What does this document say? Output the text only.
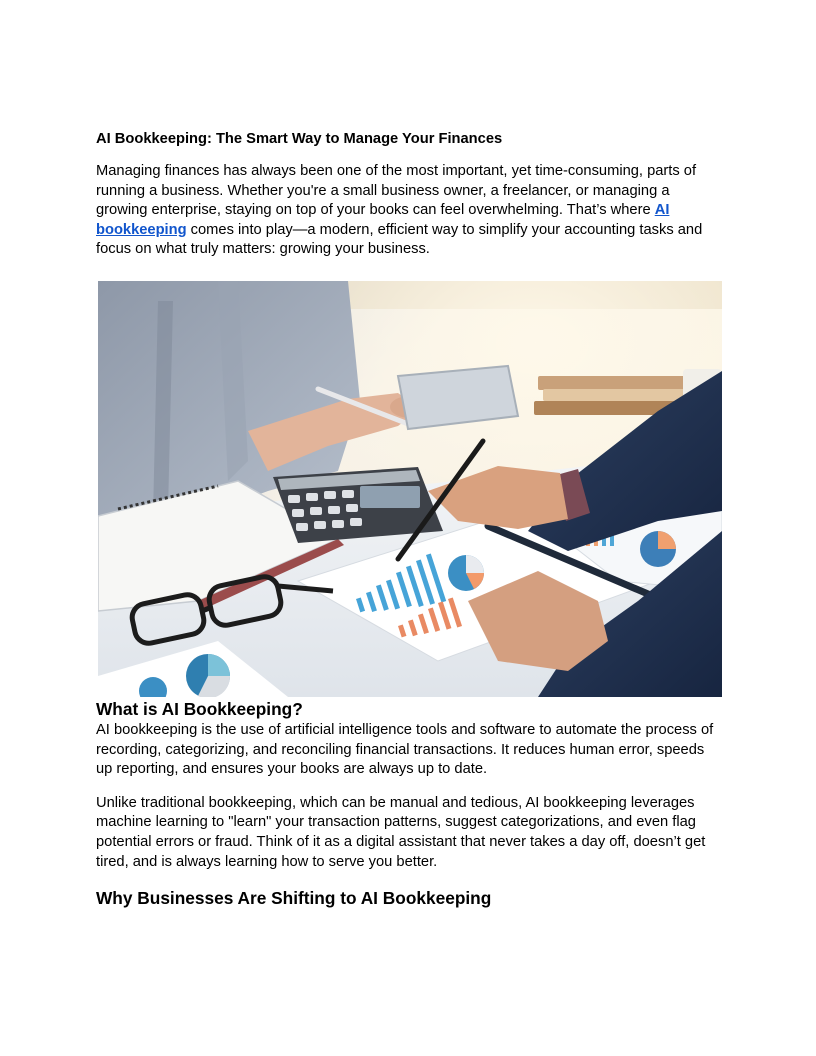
AI Bookkeeping: The Smart Way to Manage Your Finances

Managing finances has always been one of the most important, yet time-consuming, parts of running a business. Whether you're a small business owner, a freelancer, or managing a growing enterprise, staying on top of your books can feel overwhelming. That’s where AI bookkeeping comes into play—a modern, efficient way to simplify your accounting tasks and focus on what truly matters: growing your business.

What is AI Bookkeeping?

AI bookkeeping is the use of artificial intelligence tools and software to automate the process of recording, categorizing, and reconciling financial transactions. It reduces human error, speeds up reporting, and ensures your books are always up to date.

Unlike traditional bookkeeping, which can be manual and tedious, AI bookkeeping leverages machine learning to "learn" your transaction patterns, suggest categorizations, and even flag potential errors or fraud. Think of it as a digital assistant that never takes a day off, doesn’t get tired, and is always learning how to serve you better.

Why Businesses Are Shifting to AI Bookkeeping
